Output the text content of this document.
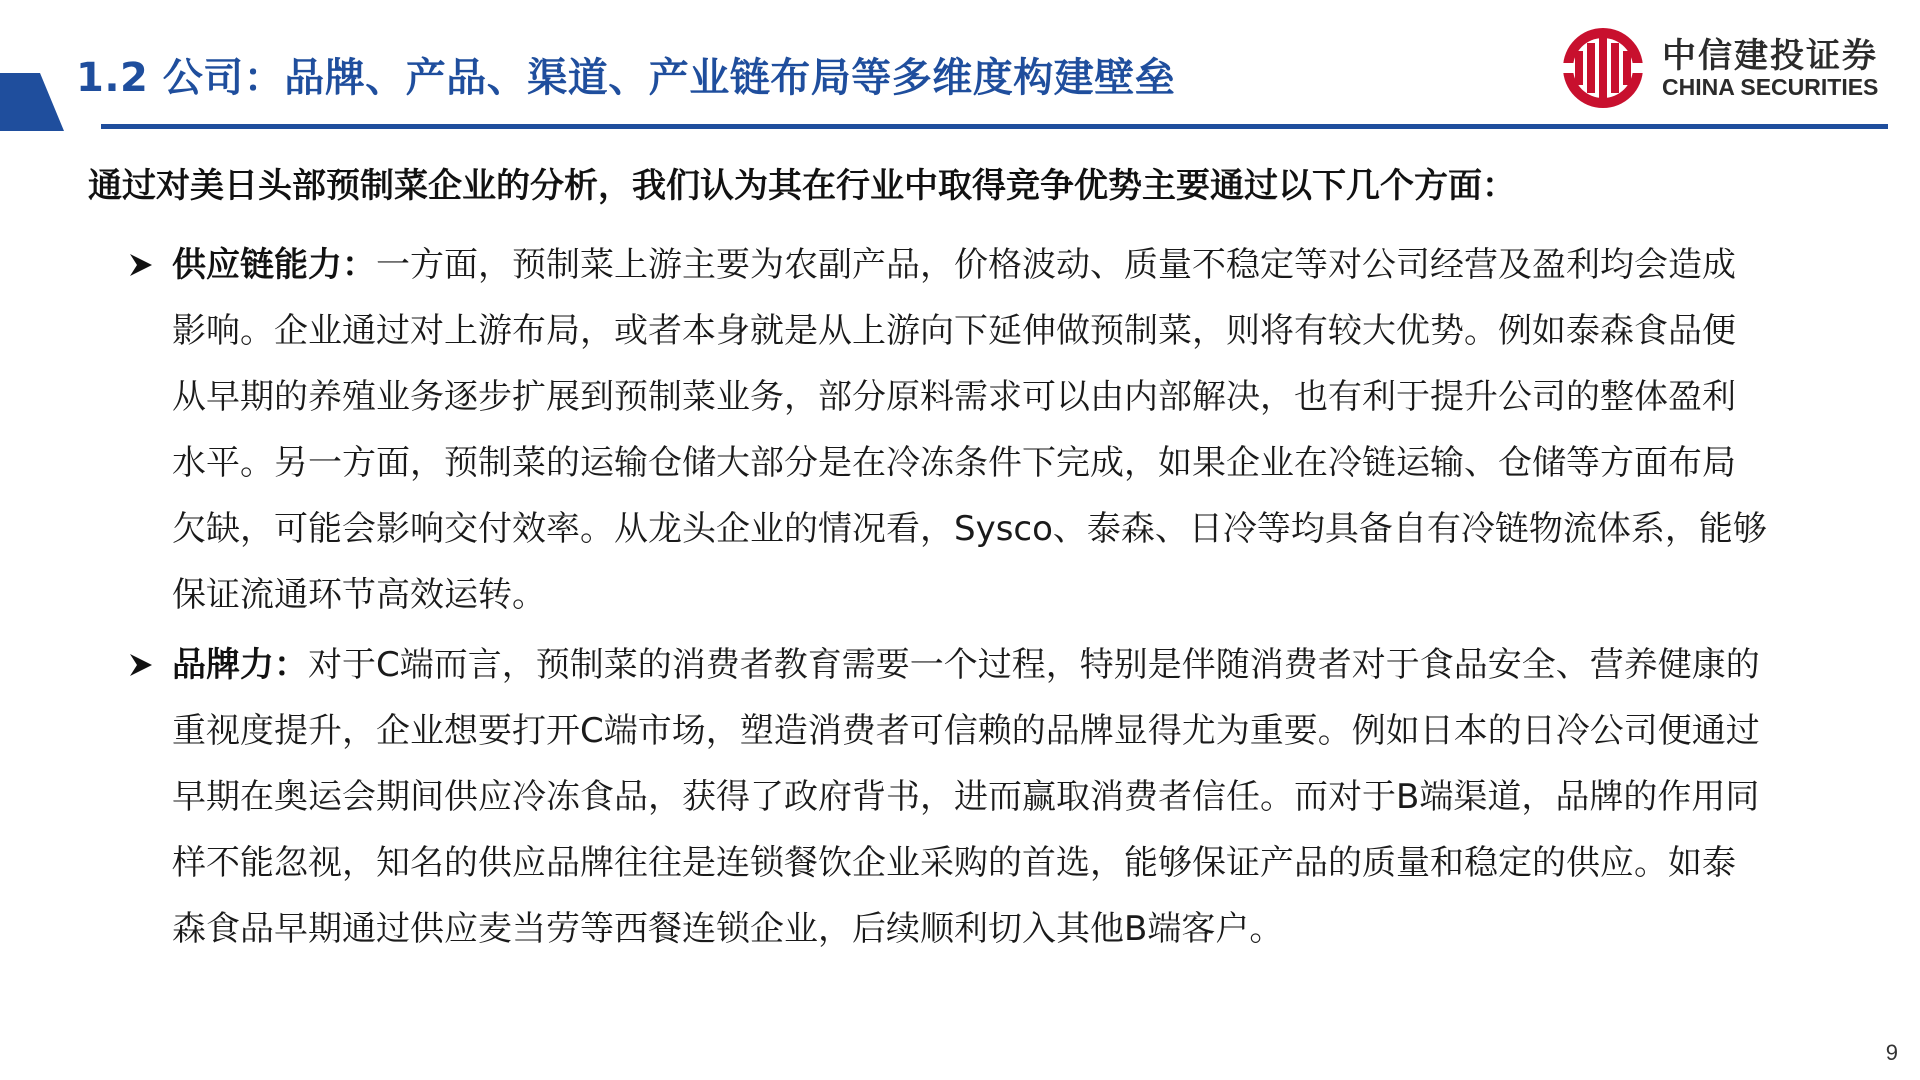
1.2 公司：品牌、产品、渠道、产业链布局等多维度构建壁垒	中信建投证券
CHINA SECURITIES
通过对美日头部预制菜企业的分析，我们认为其在行业中取得竞争优势主要通过以下几个方面：
供应链能力：一方面，预制菜上游主要为农副产品，价格波动、质量不稳定等对公司经营及盈利均会造成影响。企业通过对上游布局，或者本身就是从上游向下延伸做预制菜，则将有较大优势。例如泰森食品便从早期的养殖业务逐步扩展到预制菜业务，部分原料需求可以由内部解决，也有利于提升公司的整体盈利水平。另一方面，预制菜的运输仓储大部分是在冷冻条件下完成，如果企业在冷链运输、仓储等方面布局欠缺，可能会影响交付效率。从龙头企业的情况看，Sysco、泰森、日冷等均具备自有冷链物流体系，能够保证流通环节高效运转。
品牌力：对于C端而言，预制菜的消费者教育需要一个过程，特别是伴随消费者对于食品安全、营养健康的重视度提升，企业想要打开C端市场，塑造消费者可信赖的品牌显得尤为重要。例如日本的日冷公司便通过早期在奥运会期间供应冷冻食品，获得了政府背书，进而赢取消费者信任。而对于B端渠道，品牌的作用同样不能忽视，知名的供应品牌往往是连锁餐饮企业采购的首选，能够保证产品的质量和稳定的供应。如泰森食品早期通过供应麦当劳等西餐连锁企业，后续顺利切入其他B端客户。
9
